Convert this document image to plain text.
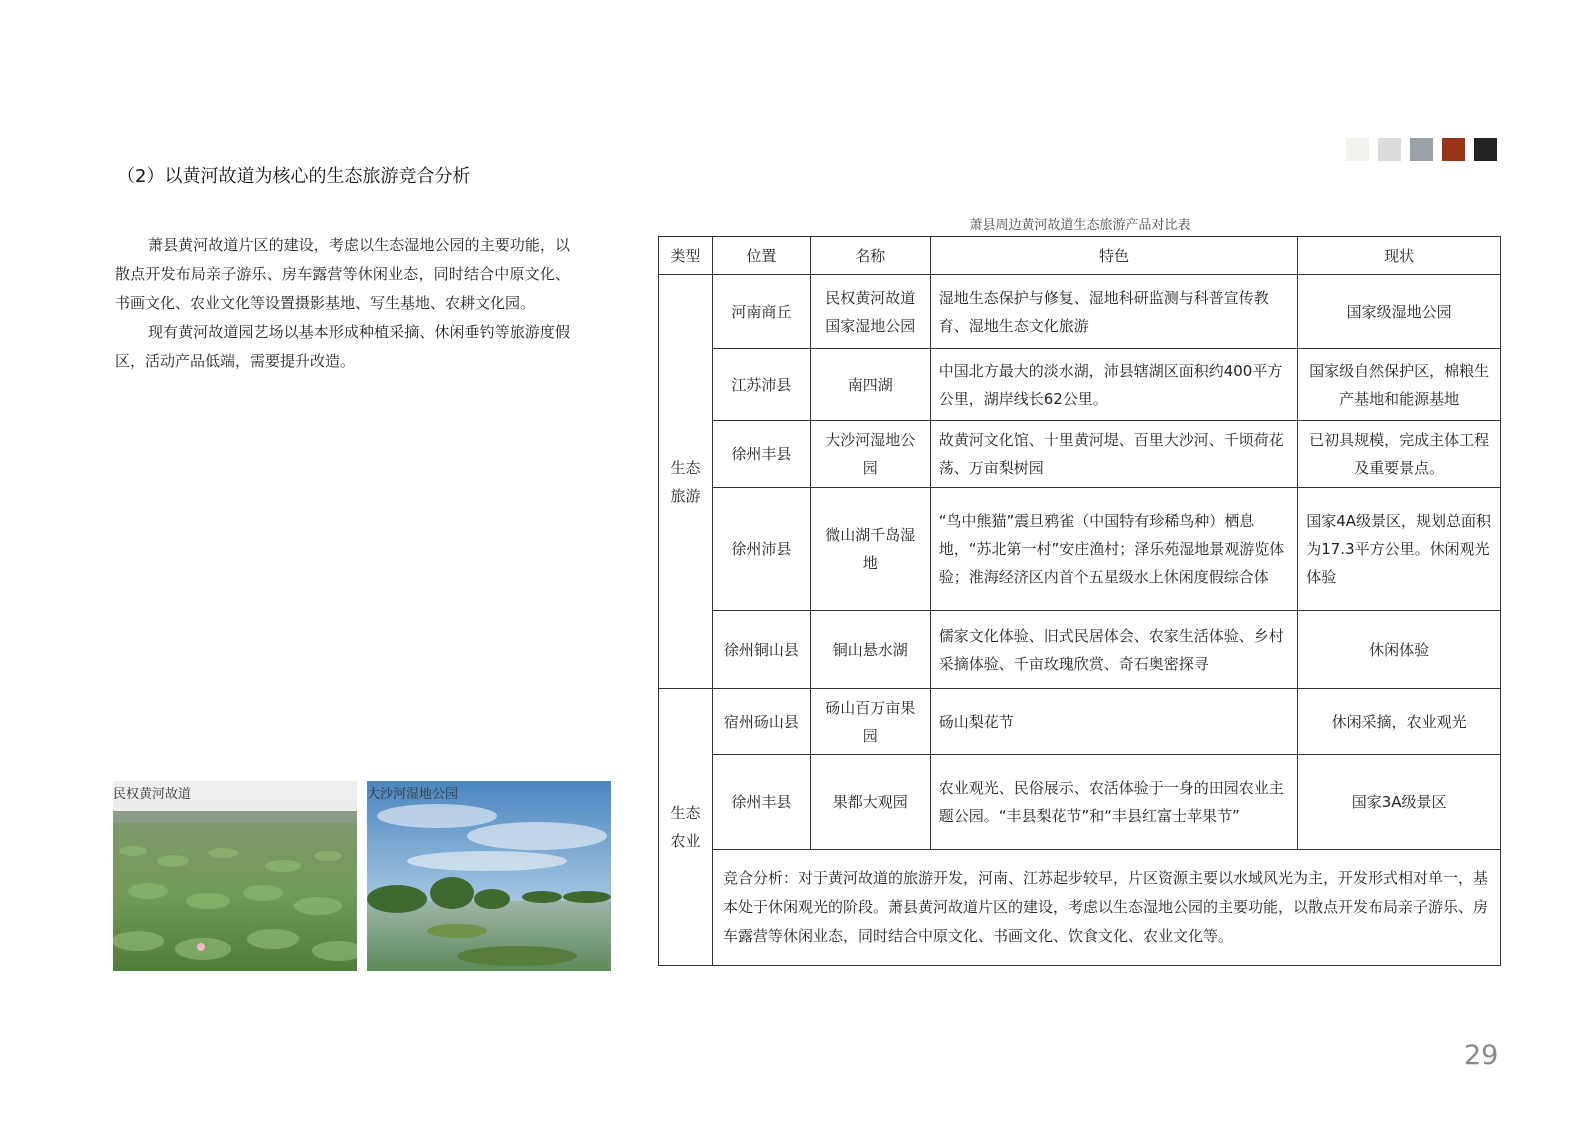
（2）以黄河故道为核心的生态旅游竞合分析

萧县黄河故道片区的建设，考虑以生态湿地公园的主要功能，以散点开发布局亲子游乐、房车露营等休闲业态，同时结合中原文化、书画文化、农业文化等设置摄影基地、写生基地、农耕文化园。

现有黄河故道园艺场以基本形成种植采摘、休闲垂钓等旅游度假区，活动产品低端，需要提升改造。

民权黄河故道	大沙河湿地公园
萧县周边黄河故道生态旅游产品对比表
类型	位置	名称	特色	现状
生态旅游	河南商丘	民权黄河故道国家湿地公园	湿地生态保护与修复、湿地科研监测与科普宣传教育、湿地生态文化旅游	国家级湿地公园
	江苏沛县	南四湖	中国北方最大的淡水湖，沛县辖湖区面积约400平方公里，湖岸线长62公里。	国家级自然保护区，棉粮生产基地和能源基地
	徐州丰县	大沙河湿地公园	故黄河文化馆、十里黄河堤、百里大沙河、千顷荷花荡、万亩梨树园	已初具规模，完成主体工程及重要景点。
	徐州沛县	微山湖千岛湿地	“鸟中熊猫”震旦鸦雀（中国特有珍稀鸟种）栖息地，“苏北第一村”安庄渔村；泽乐苑湿地景观游览体验；淮海经济区内首个五星级水上休闲度假综合体	国家4A级景区，规划总面积为17.3平方公里。休闲观光体验
	徐州铜山县	铜山悬水湖	儒家文化体验、旧式民居体会、农家生活体验、乡村采摘体验、千亩玫瑰欣赏、奇石奥密探寻	休闲体验
生态农业	宿州砀山县	砀山百万亩果园	砀山梨花节	休闲采摘，农业观光
	徐州丰县	果都大观园	农业观光、民俗展示、农活体验于一身的田园农业主题公园。“丰县梨花节”和“丰县红富士苹果节”	国家3A级景区
	竞合分析：对于黄河故道的旅游开发，河南、江苏起步较早，片区资源主要以水域风光为主，开发形式相对单一，基本处于休闲观光的阶段。萧县黄河故道片区的建设，考虑以生态湿地公园的主要功能，以散点开发布局亲子游乐、房车露营等休闲业态，同时结合中原文化、书画文化、饮食文化、农业文化等。			
29
